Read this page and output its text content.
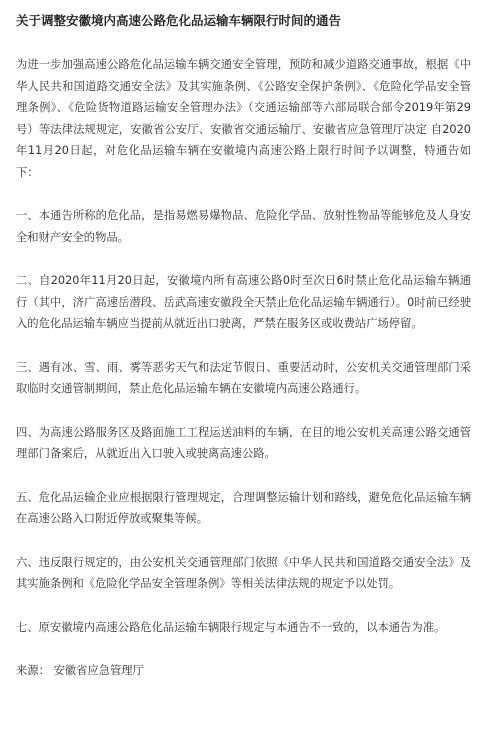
关于调整安徽境内高速公路危化品运输车辆限行时间的通告

为进一步加强高速公路危化品运输车辆交通安全管理，预防和减少道路交通事故，根据《中华人民共和国道路交通安全法》及其实施条例、《公路安全保护条例》、《危险化学品安全管理条例》、《危险货物道路运输安全管理办法》（交通运输部等六部局联合部令2019年第29号）等法律法规规定，安徽省公安厅、安徽省交通运输厅、安徽省应急管理厅决定 自2020年11月20日起，对危化品运输车辆在安徽境内高速公路上限行时间予以调整，特通告如下：

一、本通告所称的危化品，是指易燃易爆物品、危险化学品、放射性物品等能够危及人身安全和财产安全的物品。

二、自2020年11月20日起，安徽境内所有高速公路0时至次日6时禁止危化品运输车辆通行（其中，济广高速岳潜段、岳武高速安徽段全天禁止危化品运输车辆通行）。0时前已经驶入的危化品运输车辆应当提前从就近出口驶离，严禁在服务区或收费站广场停留。

三、遇有冰、雪、雨、雾等恶劣天气和法定节假日、重要活动时，公安机关交通管理部门采取临时交通管制期间，禁止危化品运输车辆在安徽境内高速公路通行。

四、为高速公路服务区及路面施工工程运送油料的车辆，在目的地公安机关高速公路交通管理部门备案后，从就近出入口驶入或驶离高速公路。

五、危化品运输企业应根据限行管理规定，合理调整运输计划和路线，避免危化品运输车辆在高速公路入口附近停放或聚集等候。

六、违反限行规定的，由公安机关交通管理部门依照《中华人民共和国道路交通安全法》及其实施条例和《危险化学品安全管理条例》等相关法律法规的规定予以处罚。

七、原安徽境内高速公路危化品运输车辆限行规定与本通告不一致的，以本通告为准。

来源： 安徽省应急管理厅
